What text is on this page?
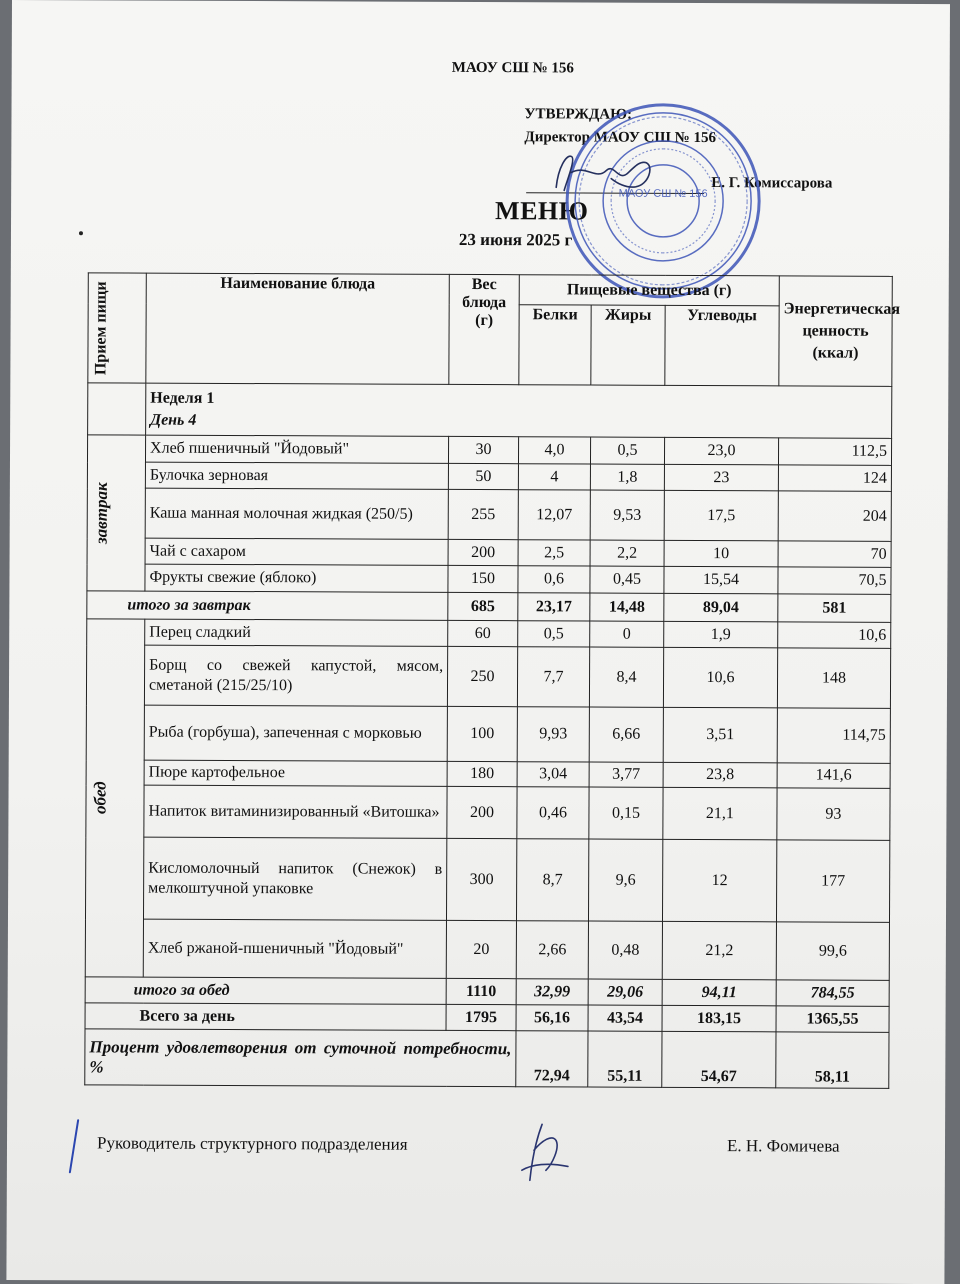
МАОУ СШ № 156
УТВЕРЖДАЮ:
Директор МАОУ СШ № 156
Е. Г. Комиссарова
МЕНЮ
23 июня 2025 г
МАОУ СШ № 156
Прием пищи	Наименование блюда	Вес блюда (г)	Пищевые вещества (г)			Энергетическая ценность (ккал)
			Белки	Жиры	Углеводы	

	Неделя 1
День 4					

завтрак	Хлеб пшеничный "Йодовый"	30	4,0	0,5	23,0	112,5
	Булочка зерновая	50	4	1,8	23	124
	Каша манная молочная жидкая (250/5)	255	12,07	9,53	17,5	204
	Чай с сахаром	200	2,5	2,2	10	70
	Фрукты свежие (яблоко)	150	0,6	0,45	15,54	70,5
итого за завтрак		685	23,17	14,48	89,04	581

обед	Перец сладкий	60	0,5	0	1,9	10,6
	Борщ со свежей капустой, мясом, сметаной (215/25/10)	250	7,7	8,4	10,6	148
	Рыба (горбуша), запеченная с морковью	100	9,93	6,66	3,51	114,75
	Пюре картофельное	180	3,04	3,77	23,8	141,6
	Напиток витаминизированный «Витошка»	200	0,46	0,15	21,1	93
	Кисломолочный напиток (Снежок) в мелкоштучной упаковке	300	8,7	9,6	12	177
	Хлеб ржаной-пшеничный "Йодовый"	20	2,66	0,48	21,2	99,6
итого за обед		1110	32,99	29,06	94,11	784,55
Всего за день		1795	56,16	43,54	183,15	1365,55
Процент удовлетворения от суточной потребности, %			72,94	55,11	54,67	58,11
Руководитель структурного подразделения	Е. Н. Фомичева
